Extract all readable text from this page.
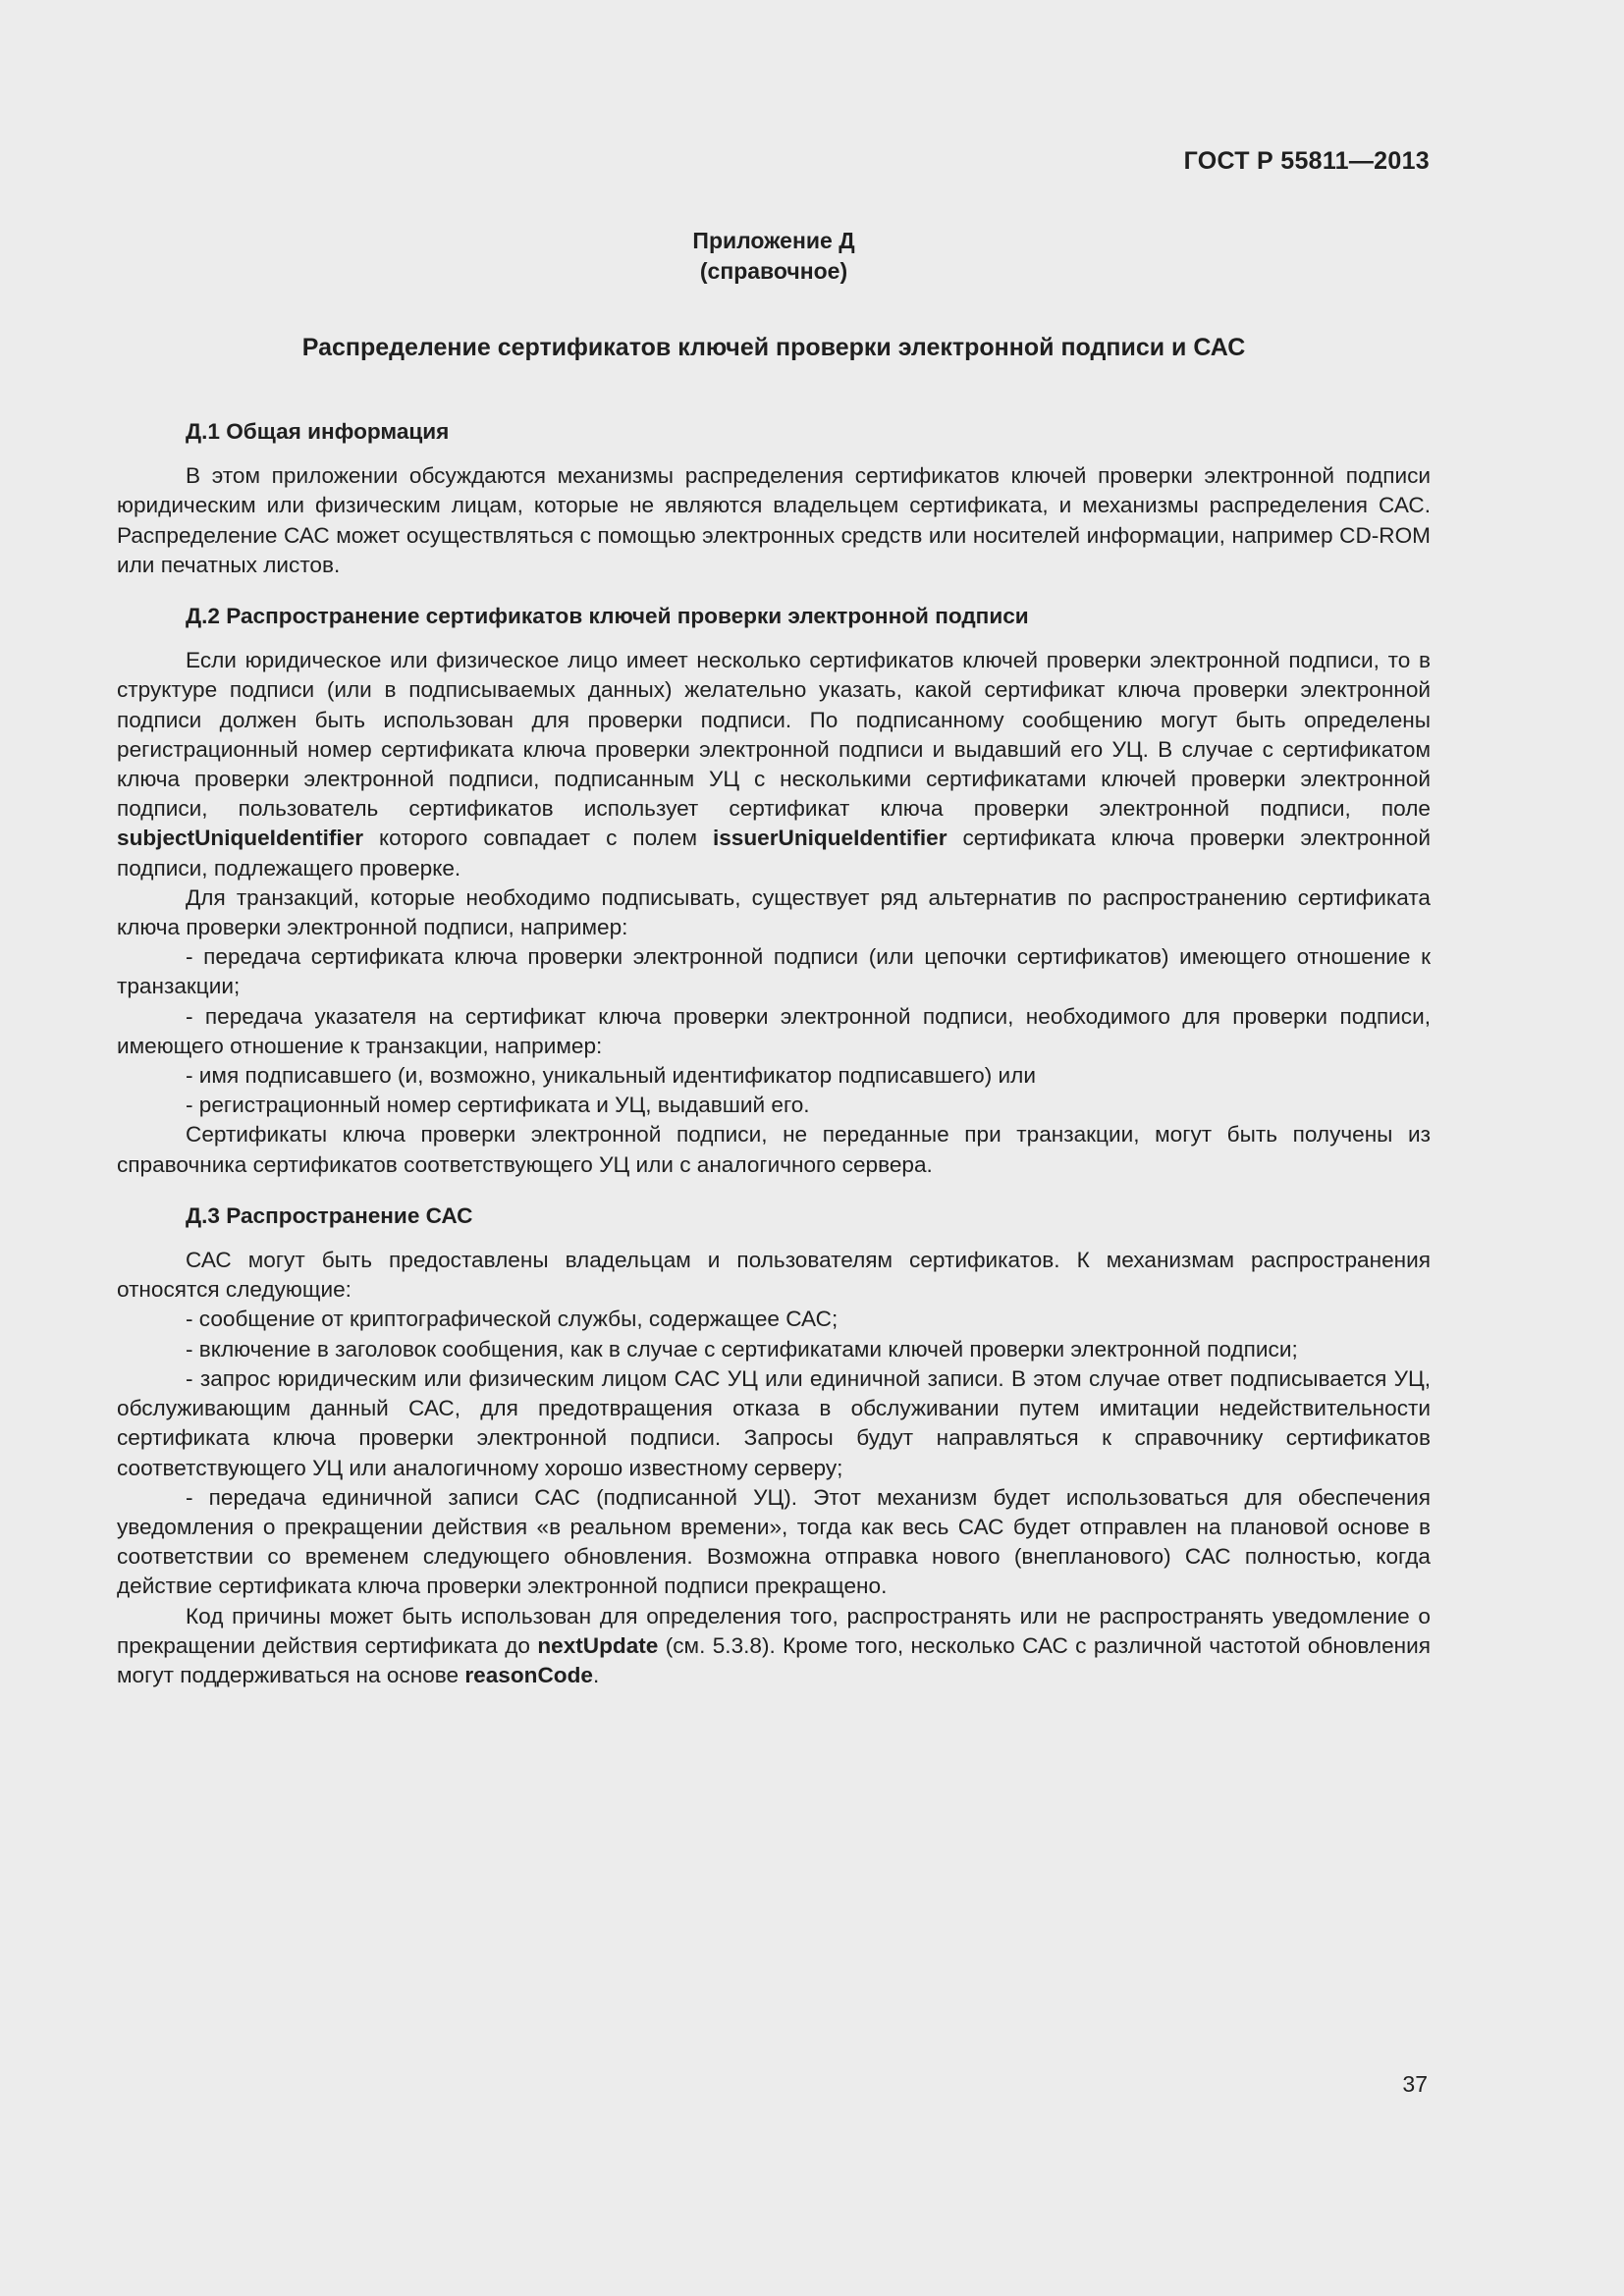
ГОСТ Р 55811—2013
Приложение Д
(справочное)
Распределение сертификатов ключей проверки электронной подписи и САС
Д.1 Общая информация

В этом приложении обсуждаются механизмы распределения сертификатов ключей проверки электронной подписи юридическим или физическим лицам, которые не являются владельцем сертификата, и механизмы распределения САС. Распределение САС может осуществляться с помощью электронных средств или носителей информации, например CD-ROM или печатных листов.

Д.2 Распространение сертификатов ключей проверки электронной подписи

Если юридическое или физическое лицо имеет несколько сертификатов ключей проверки электронной подписи, то в структуре подписи (или в подписываемых данных) желательно указать, какой сертификат ключа проверки электронной подписи должен быть использован для проверки подписи. По подписанному сообщению могут быть определены регистрационный номер сертификата ключа проверки электронной подписи и выдавший его УЦ. В случае с сертификатом ключа проверки электронной подписи, подписанным УЦ с несколькими сертификатами ключей проверки электронной подписи, пользователь сертификатов использует сертификат ключа проверки электронной подписи, поле subjectUniqueIdentifier которого совпадает с полем issuerUniqueIdentifier сертификата ключа проверки электронной подписи, подлежащего проверке.

Для транзакций, которые необходимо подписывать, существует ряд альтернатив по распространению сертификата ключа проверки электронной подписи, например:

- передача сертификата ключа проверки электронной подписи (или цепочки сертификатов) имеющего отношение к транзакции;

- передача указателя на сертификат ключа проверки электронной подписи, необходимого для проверки подписи, имеющего отношение к транзакции, например:

- имя подписавшего (и, возможно, уникальный идентификатор подписавшего) или

- регистрационный номер сертификата и УЦ, выдавший его.

Сертификаты ключа проверки электронной подписи, не переданные при транзакции, могут быть получены из справочника сертификатов соответствующего УЦ или с аналогичного сервера.

Д.3 Распространение САС

САС могут быть предоставлены владельцам и пользователям сертификатов. К механизмам распространения относятся следующие:

- сообщение от криптографической службы, содержащее САС;

- включение в заголовок сообщения, как в случае с сертификатами ключей проверки электронной подписи;

- запрос юридическим или физическим лицом САС УЦ или единичной записи. В этом случае ответ подписывается УЦ, обслуживающим данный САС, для предотвращения отказа в обслуживании путем имитации недействительности сертификата ключа проверки электронной подписи. Запросы будут направляться к справочнику сертификатов соответствующего УЦ или аналогичному хорошо известному серверу;

- передача единичной записи САС (подписанной УЦ). Этот механизм будет использоваться для обеспечения уведомления о прекращении действия «в реальном времени», тогда как весь САС будет отправлен на плановой основе в соответствии со временем следующего обновления. Возможна отправка нового (внепланового) САС полностью, когда действие сертификата ключа проверки электронной подписи прекращено.

Код причины может быть использован для определения того, распространять или не распространять уведомление о прекращении действия сертификата до nextUpdate (см. 5.3.8). Кроме того, несколько САС с различной частотой обновления могут поддерживаться на основе reasonCode.

37
